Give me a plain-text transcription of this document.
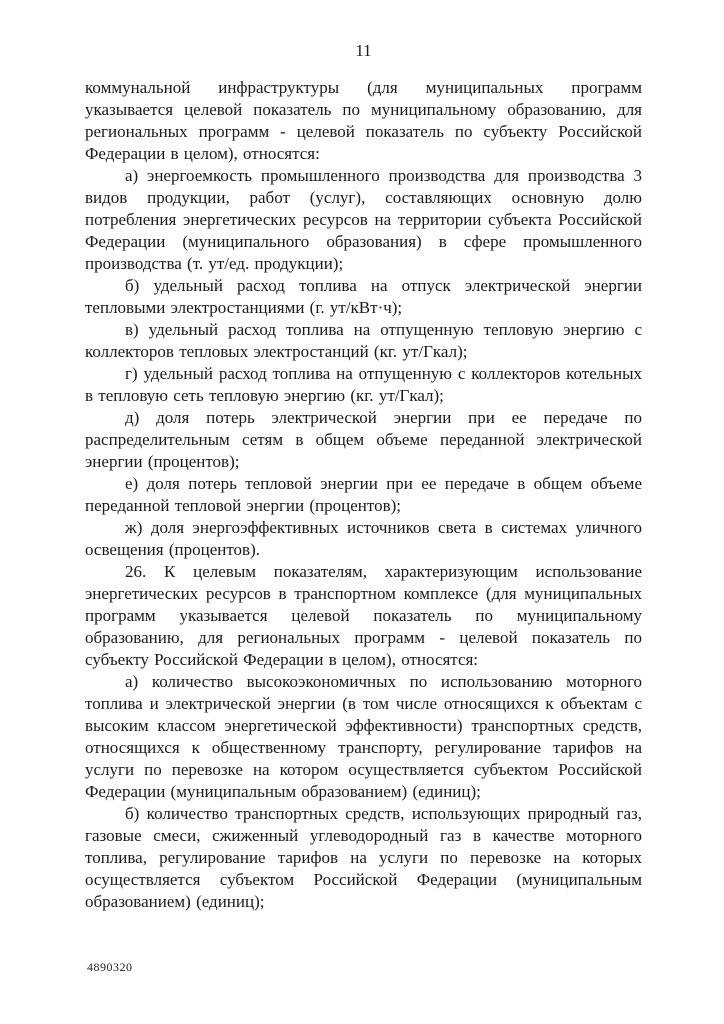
11

коммунальной инфраструктуры (для муниципальных программ указывается целевой показатель по муниципальному образованию, для региональных программ - целевой показатель по субъекту Российской Федерации в целом), относятся:

а) энергоемкость промышленного производства для производства 3 видов продукции, работ (услуг), составляющих основную долю потребления энергетических ресурсов на территории субъекта Российской Федерации (муниципального образования) в сфере промышленного производства (т. ут/ед. продукции);

б) удельный расход топлива на отпуск электрической энергии тепловыми электростанциями (г. ут/кВт·ч);

в) удельный расход топлива на отпущенную тепловую энергию с коллекторов тепловых электростанций (кг. ут/Гкал);

г) удельный расход топлива на отпущенную с коллекторов котельных в тепловую сеть тепловую энергию (кг. ут/Гкал);

д) доля потерь электрической энергии при ее передаче по распределительным сетям в общем объеме переданной электрической энергии (процентов);

е) доля потерь тепловой энергии при ее передаче в общем объеме переданной тепловой энергии (процентов);

ж) доля энергоэффективных источников света в системах уличного освещения (процентов).

26. К целевым показателям, характеризующим использование энергетических ресурсов в транспортном комплексе (для муниципальных программ указывается целевой показатель по муниципальному образованию, для региональных программ - целевой показатель по субъекту Российской Федерации в целом), относятся:

а) количество высокоэкономичных по использованию моторного топлива и электрической энергии (в том числе относящихся к объектам с высоким классом энергетической эффективности) транспортных средств, относящихся к общественному транспорту, регулирование тарифов на услуги по перевозке на котором осуществляется субъектом Российской Федерации (муниципальным образованием) (единиц);

б) количество транспортных средств, использующих природный газ, газовые смеси, сжиженный углеводородный газ в качестве моторного топлива, регулирование тарифов на услуги по перевозке на которых осуществляется субъектом Российской Федерации (муниципальным образованием) (единиц);

4890320
